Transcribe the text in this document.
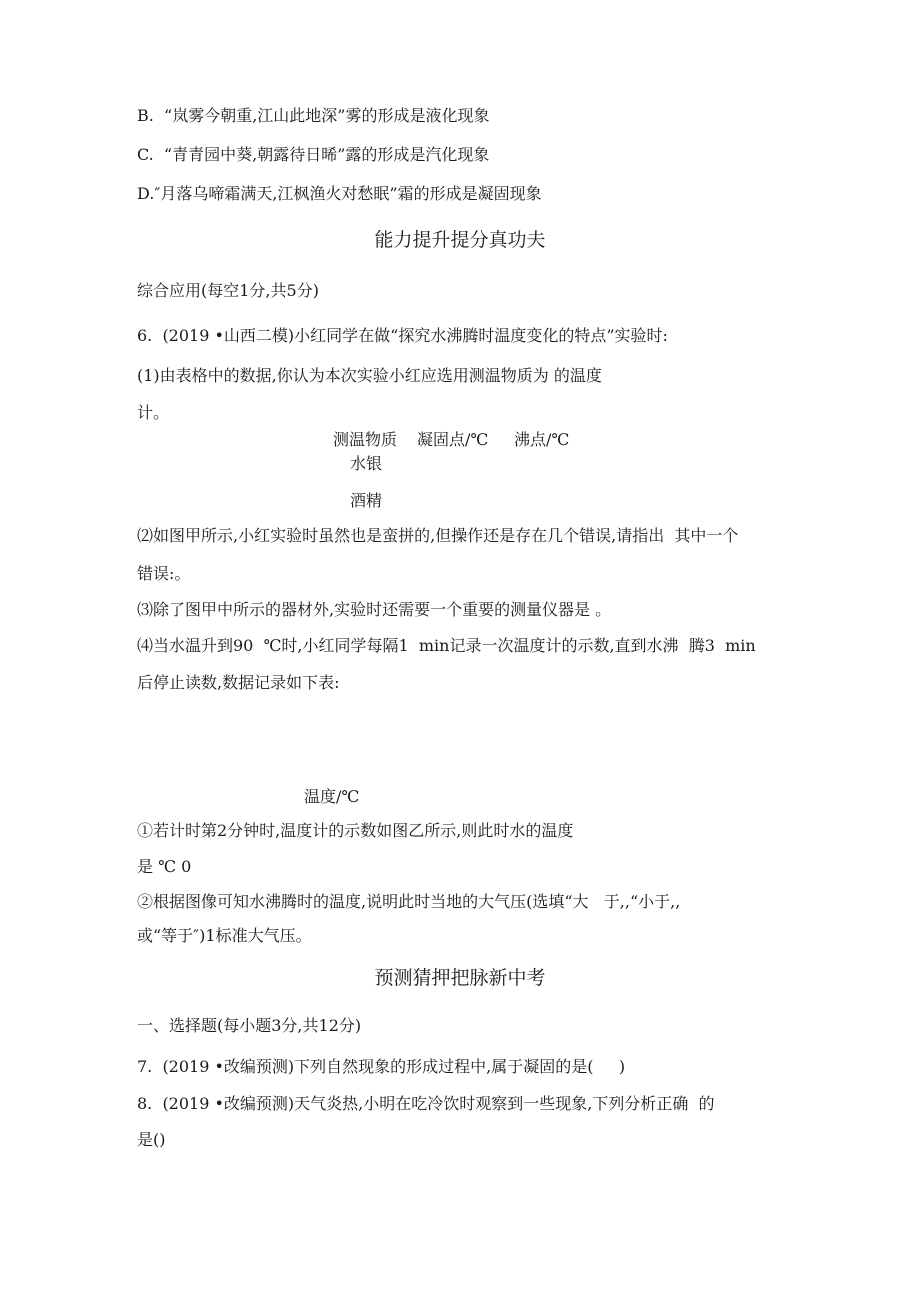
B.  “岚雾今朝重,江山此地深”雾的形成是液化现象
C.  “青青园中葵,朝露待日晞”露的形成是汽化现象
D.″月落乌啼霜满天,江枫渔火对愁眠”霜的形成是凝固现象
能力提升提分真功夫
综合应用(每空1分,共5分)
6.  (2019 •山西二模)小红同学在做“探究水沸腾时温度变化的特点”实验时:
(1)由表格中的数据,你认为本次实验小红应选用测温物质为 的温度
计。
测温物质 凝固点/℃ 沸点/℃
水银
酒精
⑵如图甲所示,小红实验时虽然也是蛮拼的,但操作还是存在几个错误,请指出  其中一个
错误:。
⑶除了图甲中所示的器材外,实验时还需要一个重要的测量仪器是 。
⑷当水温升到90  ℃时,小红同学每隔1  min记录一次温度计的示数,直到水沸  腾3  min
后停止读数,数据记录如下表:
温度/℃
①若计时第2分钟时,温度计的示数如图乙所示,则此时水的温度
是 ℃ 0
②根据图像可知水沸腾时的温度,说明此时当地的大气压(选填“大   于,,“小于,,
或“等于″)1标准大气压。
预测猜押把脉新中考
一、选择题(每小题3分,共12分)
7.  (2019 •改编预测)下列自然现象的形成过程中,属于凝固的是(     )
8.  (2019 •改编预测)天气炎热,小明在吃冷饮时观察到一些现象,下列分析正确  的
是()
